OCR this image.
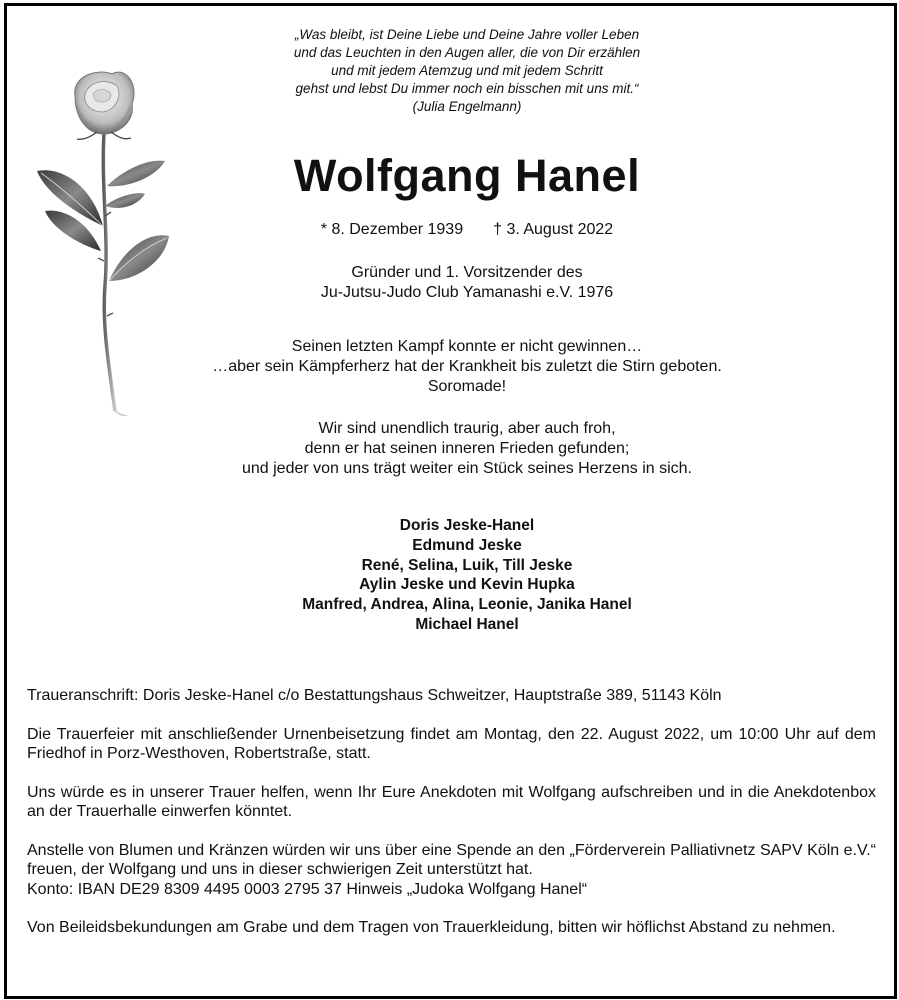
„Was bleibt, ist Deine Liebe und Deine Jahre voller Leben
und das Leuchten in den Augen aller, die von Dir erzählen
und mit jedem Atemzug und mit jedem Schritt
gehst und lebst Du immer noch ein bisschen mit uns mit.“
(Julia Engelmann)
Wolfgang Hanel
* 8. Dezember 1939 † 3. August 2022
Gründer und 1. Vorsitzender des
Ju-Jutsu-Judo Club Yamanashi e.V. 1976
Seinen letzten Kampf konnte er nicht gewinnen…
…aber sein Kämpferherz hat der Krankheit bis zuletzt die Stirn geboten.
Soromade!
Wir sind unendlich traurig, aber auch froh,
denn er hat seinen inneren Frieden gefunden;
und jeder von uns trägt weiter ein Stück seines Herzens in sich.
Doris Jeske-Hanel
Edmund Jeske
René, Selina, Luik, Till Jeske
Aylin Jeske und Kevin Hupka
Manfred, Andrea, Alina, Leonie, Janika Hanel
Michael Hanel

Traueranschrift: Doris Jeske-Hanel c/o Bestattungshaus Schweitzer, Hauptstraße 389, 51143 Köln

Die Trauerfeier mit anschließender Urnenbeisetzung findet am Montag, den 22. August 2022, um 10:00 Uhr auf dem Friedhof in Porz-Westhoven, Robertstraße, statt.

Uns würde es in unserer Trauer helfen, wenn Ihr Eure Anekdoten mit Wolfgang aufschreiben und in die Anekdotenbox an der Trauerhalle einwerfen könntet.

Anstelle von Blumen und Kränzen würden wir uns über eine Spende an den „Förderverein Palliativnetz SAPV Köln e.V.“ freuen, der Wolfgang und uns in dieser schwierigen Zeit unterstützt hat.
Konto: IBAN DE29 8309 4495 0003 2795 37 Hinweis „Judoka Wolfgang Hanel“

Von Beileidsbekundungen am Grabe und dem Tragen von Trauerkleidung, bitten wir höflichst Abstand zu nehmen.
